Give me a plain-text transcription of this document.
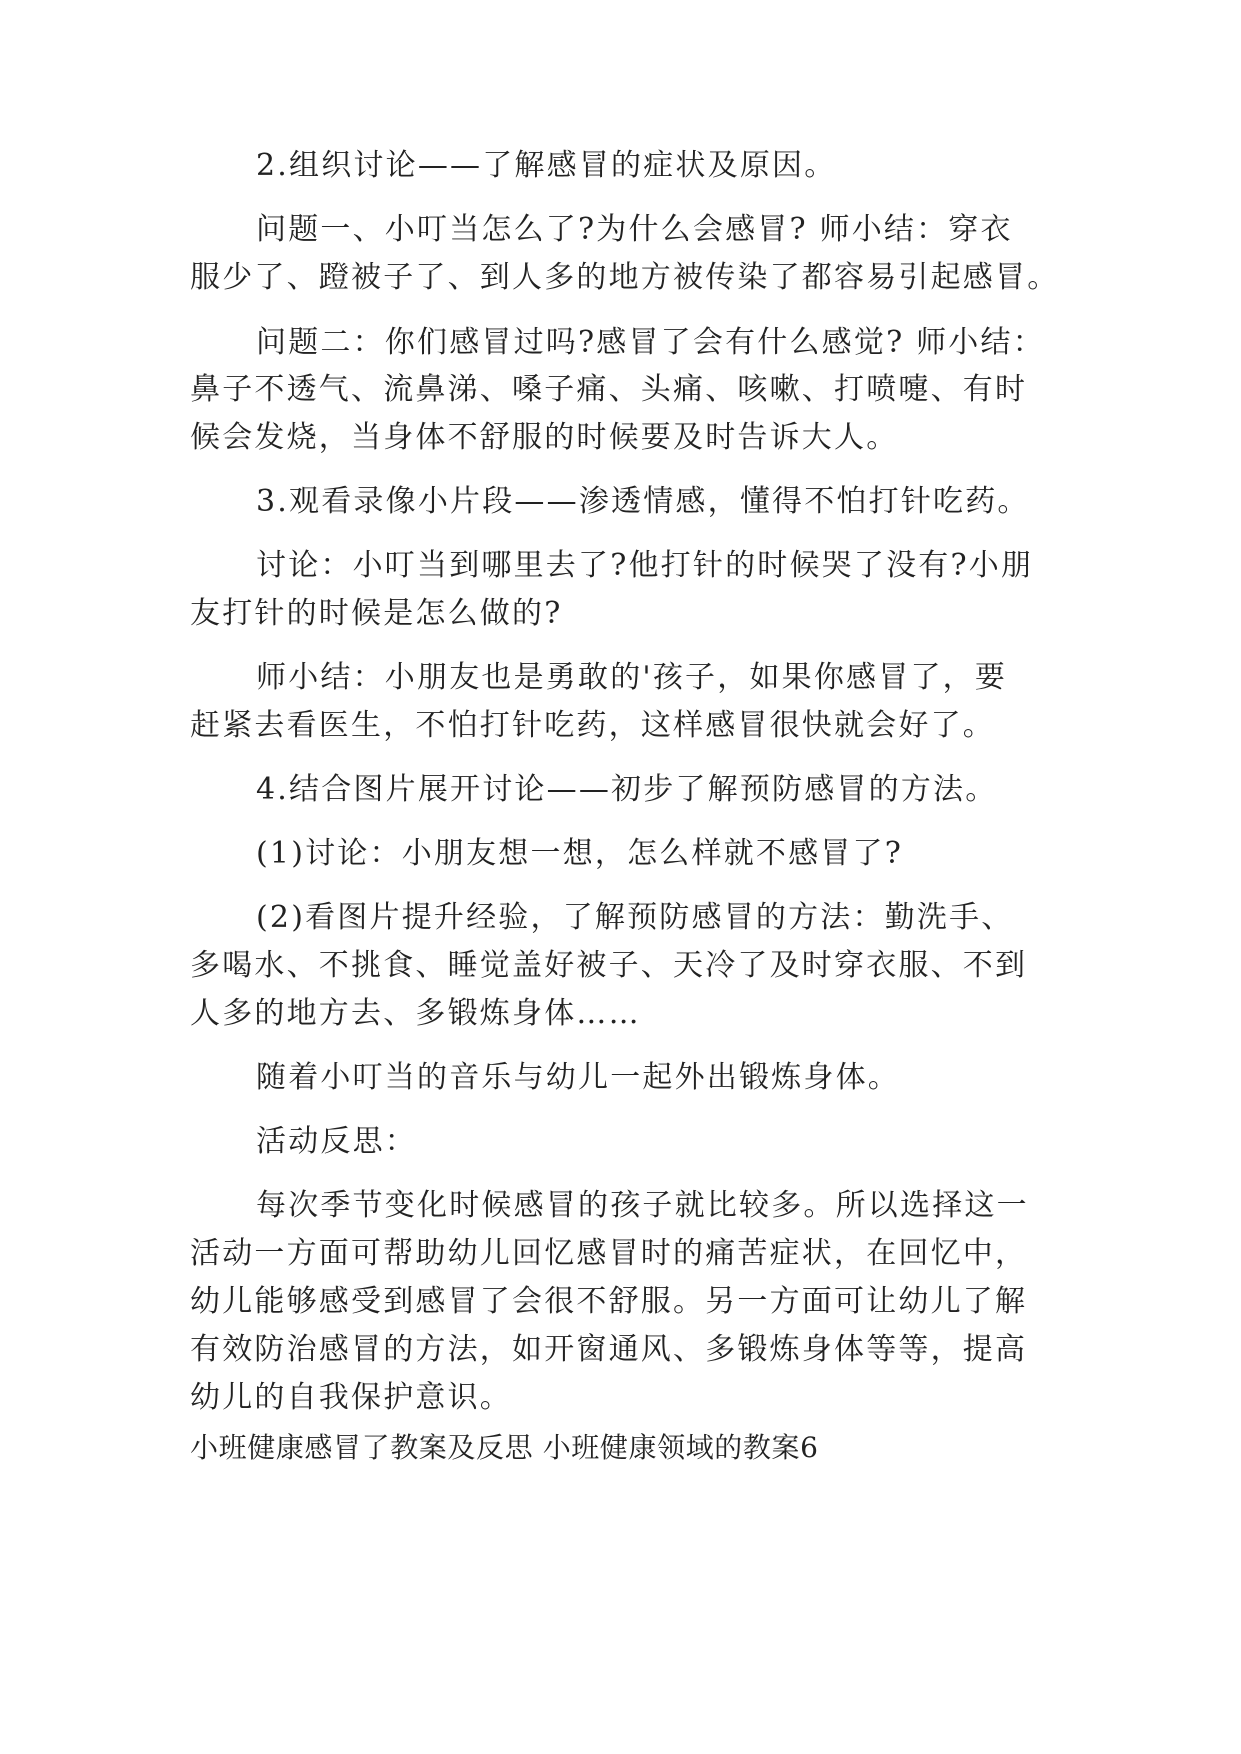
2.组织讨论——了解感冒的症状及原因。
问题一、小叮当怎么了?为什么会感冒? 师小结：穿衣
服少了、蹬被子了、到人多的地方被传染了都容易引起感冒。
问题二：你们感冒过吗?感冒了会有什么感觉? 师小结：
鼻子不透气、流鼻涕、嗓子痛、头痛、咳嗽、打喷嚏、有时
候会发烧，当身体不舒服的时候要及时告诉大人。
3.观看录像小片段——渗透情感，懂得不怕打针吃药。
讨论：小叮当到哪里去了?他打针的时候哭了没有?小朋
友打针的时候是怎么做的?
师小结：小朋友也是勇敢的'孩子，如果你感冒了，要
赶紧去看医生，不怕打针吃药，这样感冒很快就会好了。
4.结合图片展开讨论——初步了解预防感冒的方法。
(1)讨论：小朋友想一想，怎么样就不感冒了?
(2)看图片提升经验，了解预防感冒的方法：勤洗手、
多喝水、不挑食、睡觉盖好被子、天冷了及时穿衣服、不到
人多的地方去、多锻炼身体……
随着小叮当的音乐与幼儿一起外出锻炼身体。
活动反思：
每次季节变化时候感冒的孩子就比较多。所以选择这一
活动一方面可帮助幼儿回忆感冒时的痛苦症状，在回忆中，
幼儿能够感受到感冒了会很不舒服。另一方面可让幼儿了解
有效防治感冒的方法，如开窗通风、多锻炼身体等等，提高
幼儿的自我保护意识。
小班健康感冒了教案及反思 小班健康领域的教案6
